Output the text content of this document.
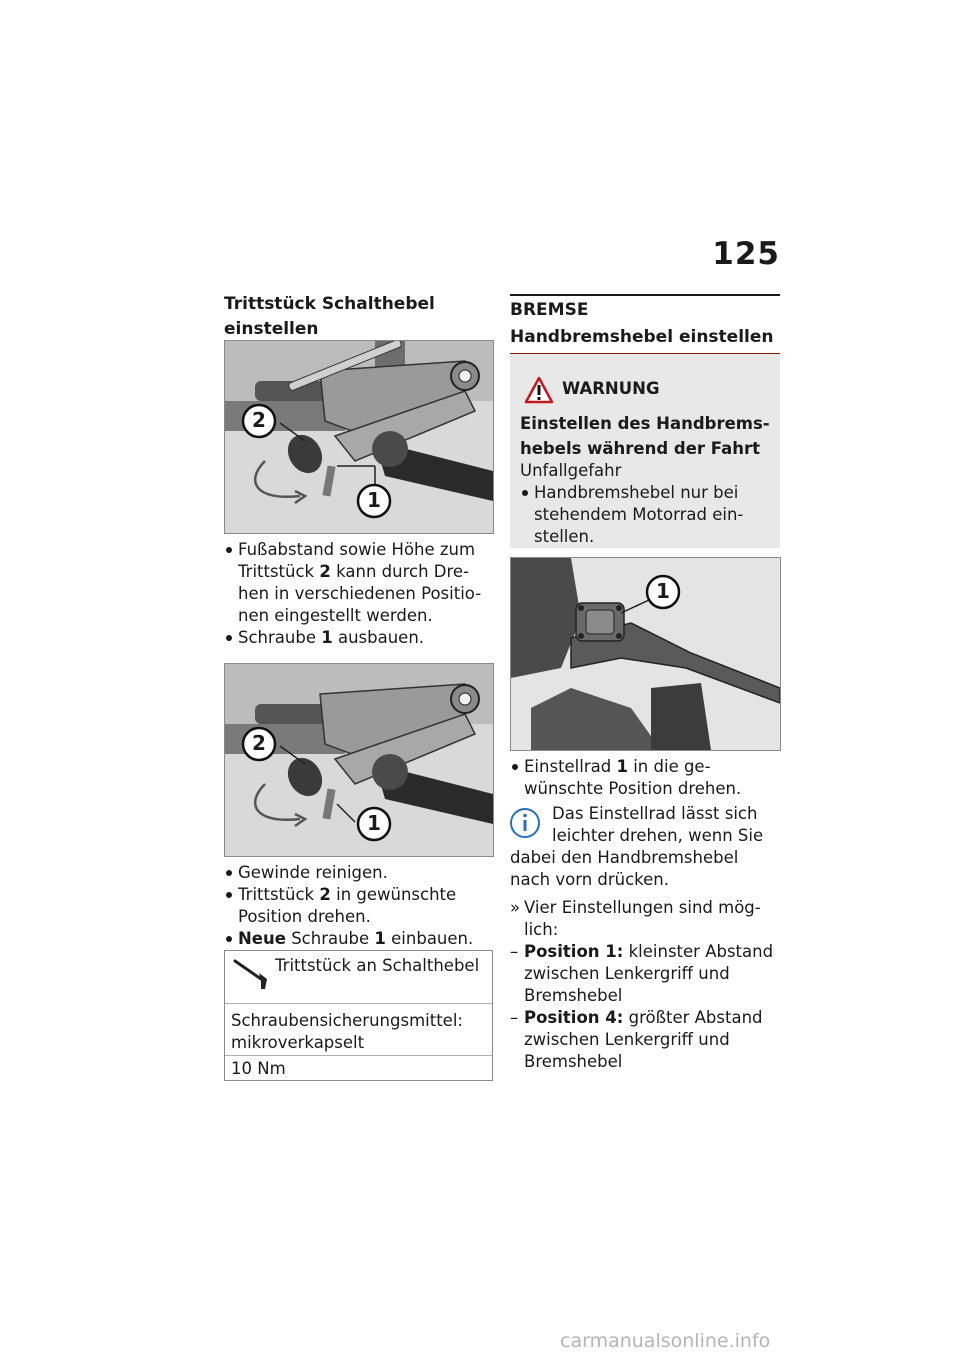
125
Trittstück Schalthebel
einstellen
2
1
Fußabstand sowie Höhe zum
Trittstück 2 kann durch Dre-
hen in verschiedenen Positio-
nen eingestellt werden.
Schraube 1 ausbauen.
2
1
Gewinde reinigen.
Trittstück 2 in gewünschte
Position drehen.
Neue Schraube 1 einbauen.
Trittstück an Schalthebel
Schraubensicherungsmittel:
mikroverkapselt
10 Nm
BREMSE
Handbremshebel einstellen
WARNUNG
Einstellen des Handbrems-
hebels während der Fahrt
Unfallgefahr
Handbremshebel nur bei
stehendem Motorrad ein-
stellen.
1
Einstellrad 1 in die ge-
wünschte Position drehen.
Das Einstellrad lässt sich
leichter drehen, wenn Sie
dabei den Handbremshebel
nach vorn drücken.
» Vier Einstellungen sind mög-
lich:
– Position 1: kleinster Abstand
zwischen Lenkergriff und
Bremshebel
– Position 4: größter Abstand
zwischen Lenkergriff und
Bremshebel
carmanualsonline.info
